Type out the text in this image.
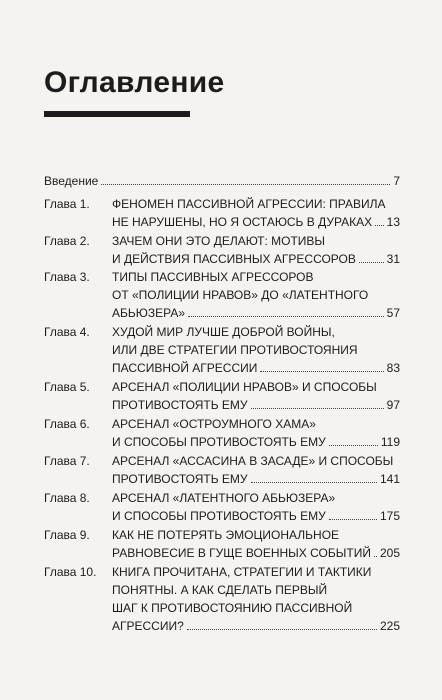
Оглавление
Введение	7
Глава 1. ФЕНОМЕН ПАССИВНОЙ АГРЕССИИ: ПРАВИЛА
НЕ НАРУШЕНЫ, НО Я ОСТАЮСЬ В ДУРАКАХ 13
Глава 2. ЗАЧЕМ ОНИ ЭТО ДЕЛАЮТ: МОТИВЫ
И ДЕЙСТВИЯ ПАССИВНЫХ АГРЕССОРОВ	31
Глава 3. ТИПЫ ПАССИВНЫХ АГРЕССОРОВ
ОТ «ПОЛИЦИИ НРАВОВ» ДО «ЛАТЕНТНОГО
АБЬЮЗЕРА»	57
Глава 4. ХУДОЙ МИР ЛУЧШЕ ДОБРОЙ ВОЙНЫ,
ИЛИ ДВЕ СТРАТЕГИИ ПРОТИВОСТОЯНИЯ
ПАССИВНОЙ АГРЕССИИ	83
Глава 5. АРСЕНАЛ «ПОЛИЦИИ НРАВОВ» И СПОСОБЫ
ПРОТИВОСТОЯТЬ ЕМУ	97
Глава 6. АРСЕНАЛ «ОСТРОУМНОГО ХАМА»
И СПОСОБЫ ПРОТИВОСТОЯТЬ ЕМУ	119
Глава 7. АРСЕНАЛ «АССАСИНА В ЗАСАДЕ» И СПОСОБЫ
ПРОТИВОСТОЯТЬ ЕМУ	141
Глава 8. АРСЕНАЛ «ЛАТЕНТНОГО АБЬЮЗЕРА»
И СПОСОБЫ ПРОТИВОСТОЯТЬ ЕМУ	175
Глава 9. КАК НЕ ПОТЕРЯТЬ ЭМОЦИОНАЛЬНОЕ
РАВНОВЕСИЕ В ГУЩЕ ВОЕННЫХ СОБЫТИЙ 205
Глава 10. КНИГА ПРОЧИТАНА, СТРАТЕГИИ И ТАКТИКИ
ПОНЯТНЫ. А КАК СДЕЛАТЬ ПЕРВЫЙ
ШАГ К ПРОТИВОСТОЯНИЮ ПАССИВНОЙ
АГРЕССИИ?	225
